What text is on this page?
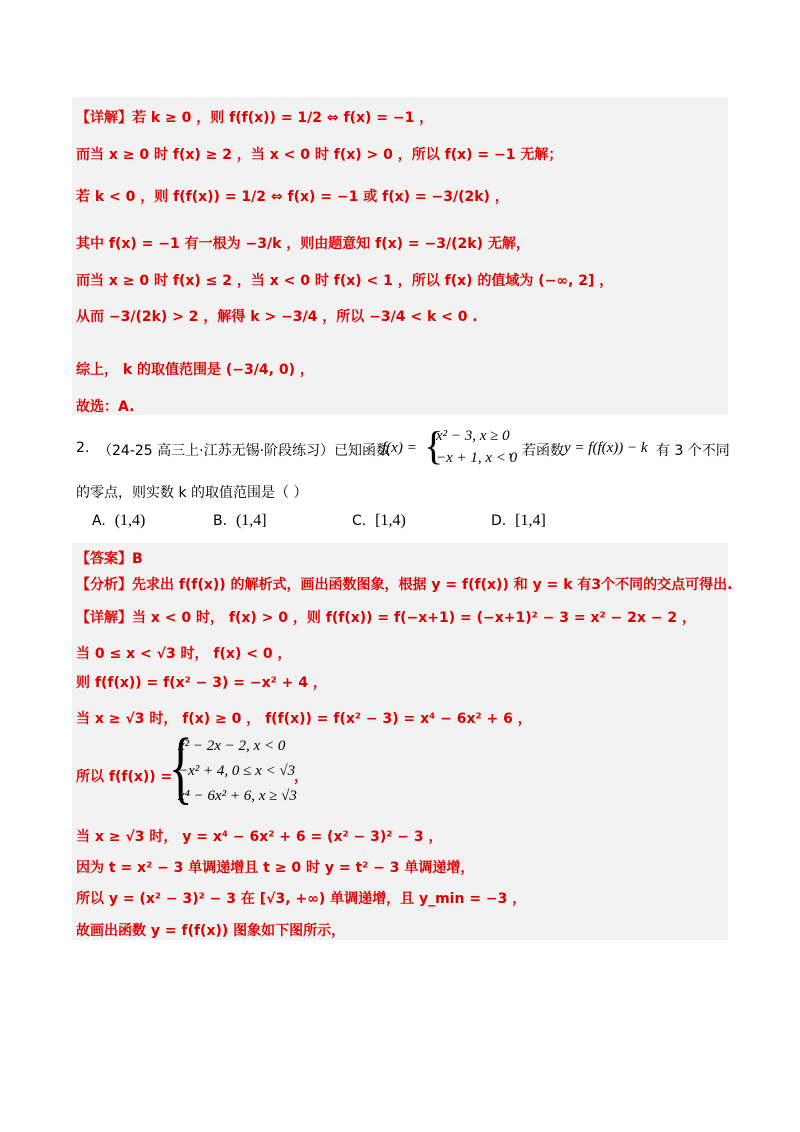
【详解】若 k ≥ 0 ，则 f(f(x)) = 1/2 ⇔ f(x) = −1 ，
而当 x ≥ 0 时 f(x) ≥ 2 ，当 x < 0 时 f(x) > 0 ，所以 f(x) = −1 无解；
若 k < 0 ，则 f(f(x)) = 1/2 ⇔ f(x) = −1 或 f(x) = −3/(2k) ，
其中 f(x) = −1 有一根为 −3/k ，则由题意知 f(x) = −3/(2k) 无解，
而当 x ≥ 0 时 f(x) ≤ 2 ，当 x < 0 时 f(x) < 1 ，所以 f(x) 的值域为 (−∞, 2] ，
从而 −3/(2k) > 2 ，解得 k > −3/4 ，所以 −3/4 < k < 0 .
综上， k 的取值范围是 (−3/4, 0) ，
故选：A.
2. （24-25 高三上·江苏无锡·阶段练习）已知函数
f(x) = {
x² − 3, x ≥ 0
−x + 1, x < 0
，若函数 y = f(f(x)) − k 有 3 个不同
的零点，则实数 k 的取值范围是（ ）
A. (1,4)	B. (1,4]	C. [1,4)	D. [1,4]
【答案】B
【分析】先求出 f(f(x)) 的解析式，画出函数图象，根据 y = f(f(x)) 和 y = k 有3个不同的交点可得出.
【详解】当 x < 0 时， f(x) > 0 ，则 f(f(x)) = f(−x+1) = (−x+1)² − 3 = x² − 2x − 2 ，
当 0 ≤ x < √3 时， f(x) < 0 ，
则 f(f(x)) = f(x² − 3) = −x² + 4 ，
当 x ≥ √3 时， f(x) ≥ 0 ， f(f(x)) = f(x² − 3) = x⁴ − 6x² + 6 ，
所以 f(f(x)) =
{
x² − 2x − 2, x < 0
−x² + 4, 0 ≤ x < √3
x⁴ − 6x² + 6, x ≥ √3
，
当 x ≥ √3 时， y = x⁴ − 6x² + 6 = (x² − 3)² − 3 ，
因为 t = x² − 3 单调递增且 t ≥ 0 时 y = t² − 3 单调递增，
所以 y = (x² − 3)² − 3 在 [√3, +∞) 单调递增，且 y_min = −3 ，
故画出函数 y = f(f(x)) 图象如下图所示，
